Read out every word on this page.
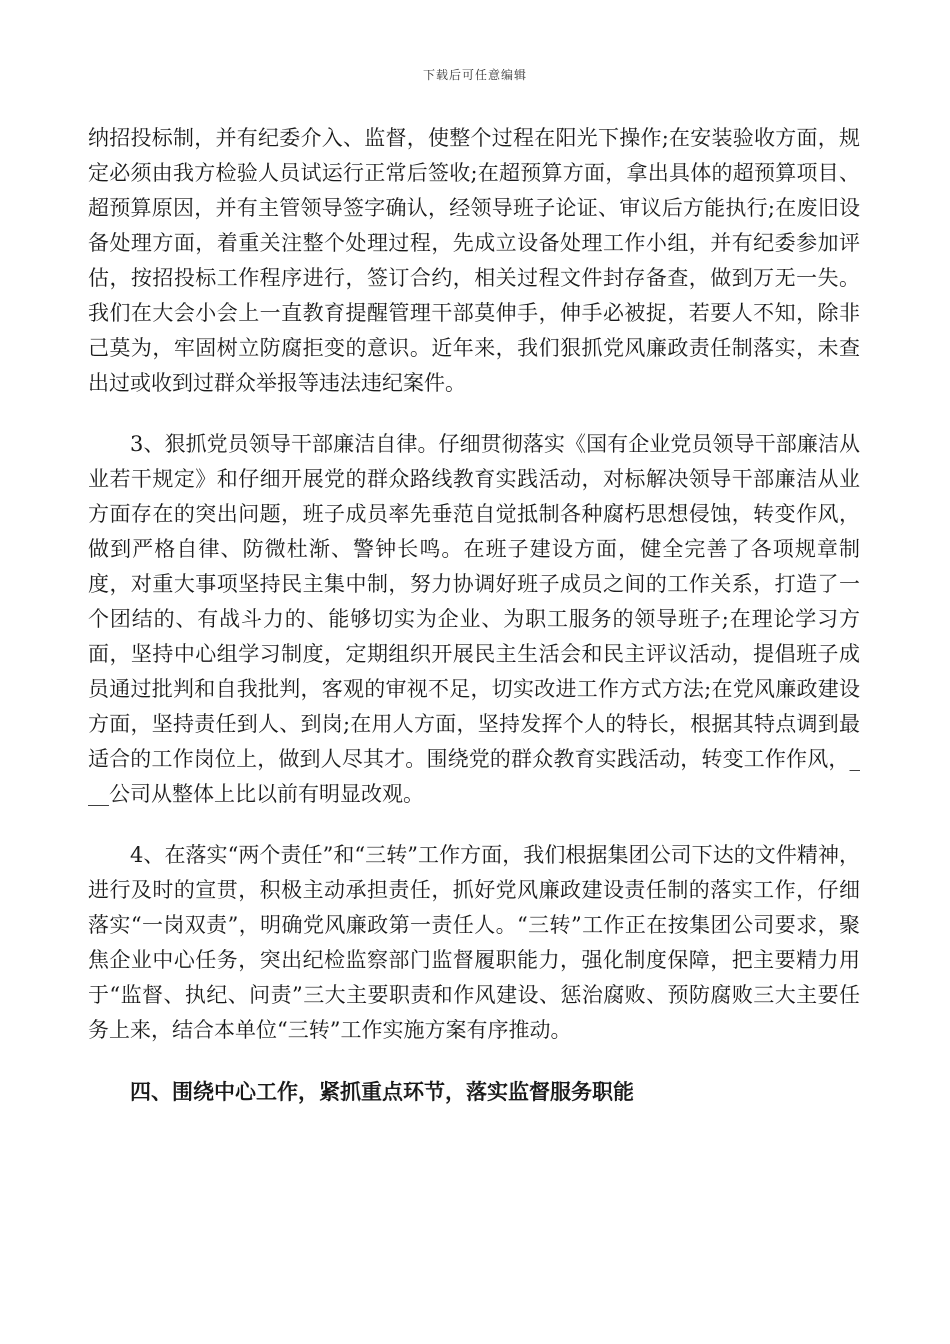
下载后可任意编辑

纳招投标制，并有纪委介入、监督，使整个过程在阳光下操作;在安装验收方面，规定必须由我方检验人员试运行正常后签收;在超预算方面，拿出具体的超预算项目、超预算原因，并有主管领导签字确认，经领导班子论证、审议后方能执行;在废旧设备处理方面，着重关注整个处理过程，先成立设备处理工作小组，并有纪委参加评估，按招投标工作程序进行，签订合约，相关过程文件封存备查，做到万无一失。我们在大会小会上一直教育提醒管理干部莫伸手，伸手必被捉，若要人不知，除非己莫为，牢固树立防腐拒变的意识。近年来，我们狠抓党风廉政责任制落实，未查出过或收到过群众举报等违法违纪案件。

3、狠抓党员领导干部廉洁自律。仔细贯彻落实《国有企业党员领导干部廉洁从业若干规定》和仔细开展党的群众路线教育实践活动，对标解决领导干部廉洁从业方面存在的突出问题，班子成员率先垂范自觉抵制各种腐朽思想侵蚀，转变作风，做到严格自律、防微杜渐、警钟长鸣。在班子建设方面，健全完善了各项规章制度，对重大事项坚持民主集中制，努力协调好班子成员之间的工作关系，打造了一个团结的、有战斗力的、能够切实为企业、为职工服务的领导班子;在理论学习方面，坚持中心组学习制度，定期组织开展民主生活会和民主评议活动，提倡班子成员通过批判和自我批判，客观的审视不足，切实改进工作方式方法;在党风廉政建设方面，坚持责任到人、到岗;在用人方面，坚持发挥个人的特长，根据其特点调到最适合的工作岗位上，做到人尽其才。围绕党的群众教育实践活动，转变工作作风，___公司从整体上比以前有明显改观。

4、在落实“两个责任”和“三转”工作方面，我们根据集团公司下达的文件精神，进行及时的宣贯，积极主动承担责任，抓好党风廉政建设责任制的落实工作，仔细落实“一岗双责”，明确党风廉政第一责任人。“三转”工作正在按集团公司要求，聚焦企业中心任务，突出纪检监察部门监督履职能力，强化制度保障，把主要精力用于“监督、执纪、问责”三大主要职责和作风建设、惩治腐败、预防腐败三大主要任务上来，结合本单位“三转”工作实施方案有序推动。

四、围绕中心工作，紧抓重点环节，落实监督服务职能
